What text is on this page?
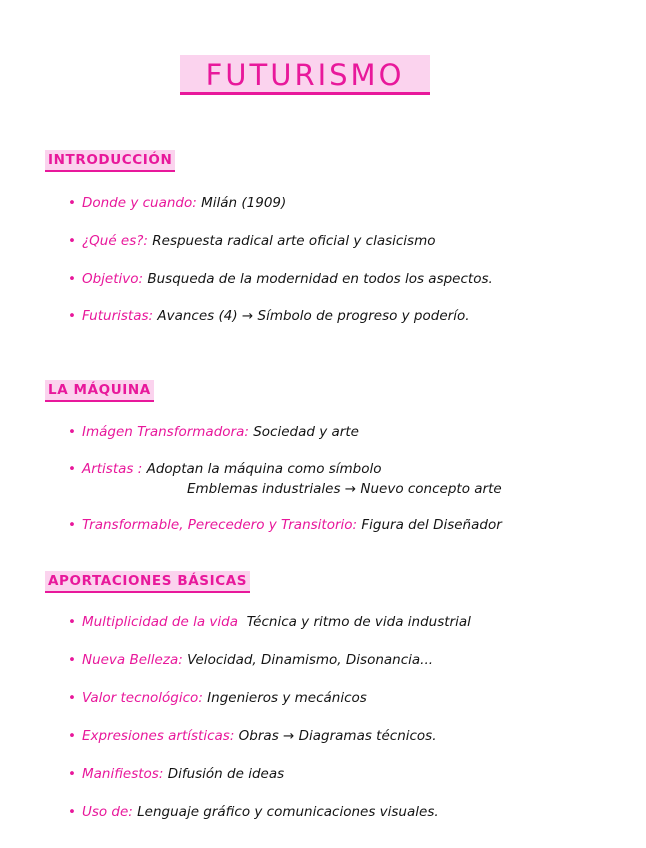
FUTURISMO
INTRODUCCIÓN
• Donde y cuando: Milán (1909)
• ¿Qué es?: Respuesta radical arte oficial y clasicismo
• Objetivo: Busqueda de la modernidad en todos los aspectos.
• Futuristas: Avances (4) → Símbolo de progreso y poderío.
LA MÁQUINA
• Imágen Transformadora: Sociedad y arte
• Artistas : Adoptan la máquina como símbolo
Emblemas industriales → Nuevo concepto arte
• Transformable, Perecedero y Transitorio: Figura del Diseñador
APORTACIONES BÁSICAS
• Multiplicidad de la vida Técnica y ritmo de vida industrial
• Nueva Belleza: Velocidad, Dinamismo, Disonancia...
• Valor tecnológico: Ingenieros y mecánicos
• Expresiones artísticas: Obras → Diagramas técnicos.
• Manifiestos: Difusión de ideas
• Uso de: Lenguaje gráfico y comunicaciones visuales.
